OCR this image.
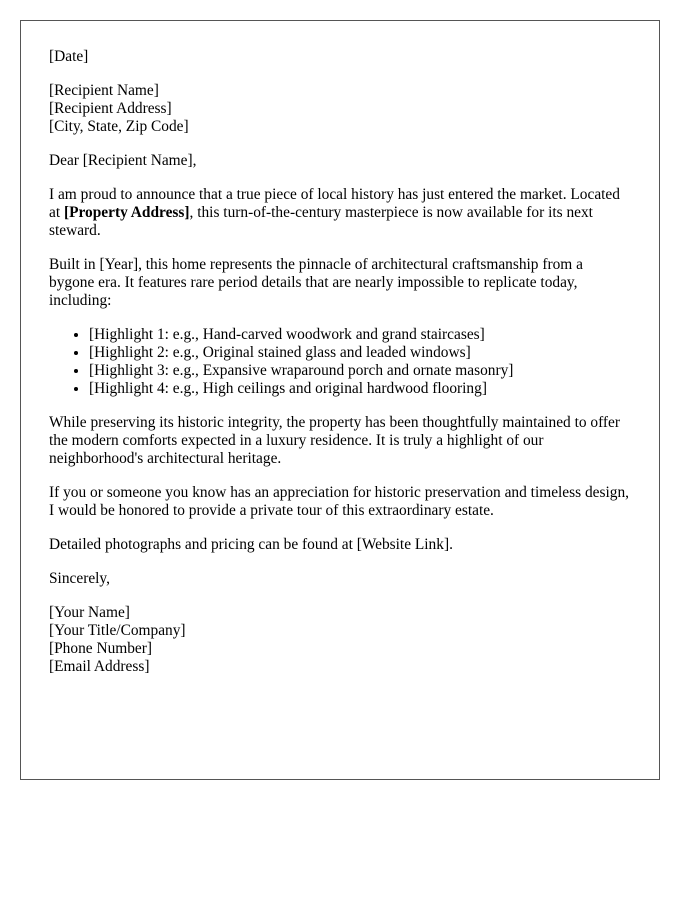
[Date]

[Recipient Name]
[Recipient Address]
[City, State, Zip Code]

Dear [Recipient Name],

I am proud to announce that a true piece of local history has just entered the market. Located at [Property Address], this turn-of-the-century masterpiece is now available for its next steward.

Built in [Year], this home represents the pinnacle of architectural craftsmanship from a bygone era. It features rare period details that are nearly impossible to replicate today, including:

• [Highlight 1: e.g., Hand-carved woodwork and grand staircases]
• [Highlight 2: e.g., Original stained glass and leaded windows]
• [Highlight 3: e.g., Expansive wraparound porch and ornate masonry]
• [Highlight 4: e.g., High ceilings and original hardwood flooring]

While preserving its historic integrity, the property has been thoughtfully maintained to offer the modern comforts expected in a luxury residence. It is truly a highlight of our neighborhood's architectural heritage.

If you or someone you know has an appreciation for historic preservation and timeless design, I would be honored to provide a private tour of this extraordinary estate.

Detailed photographs and pricing can be found at [Website Link].

Sincerely,

[Your Name]
[Your Title/Company]
[Phone Number]
[Email Address]
